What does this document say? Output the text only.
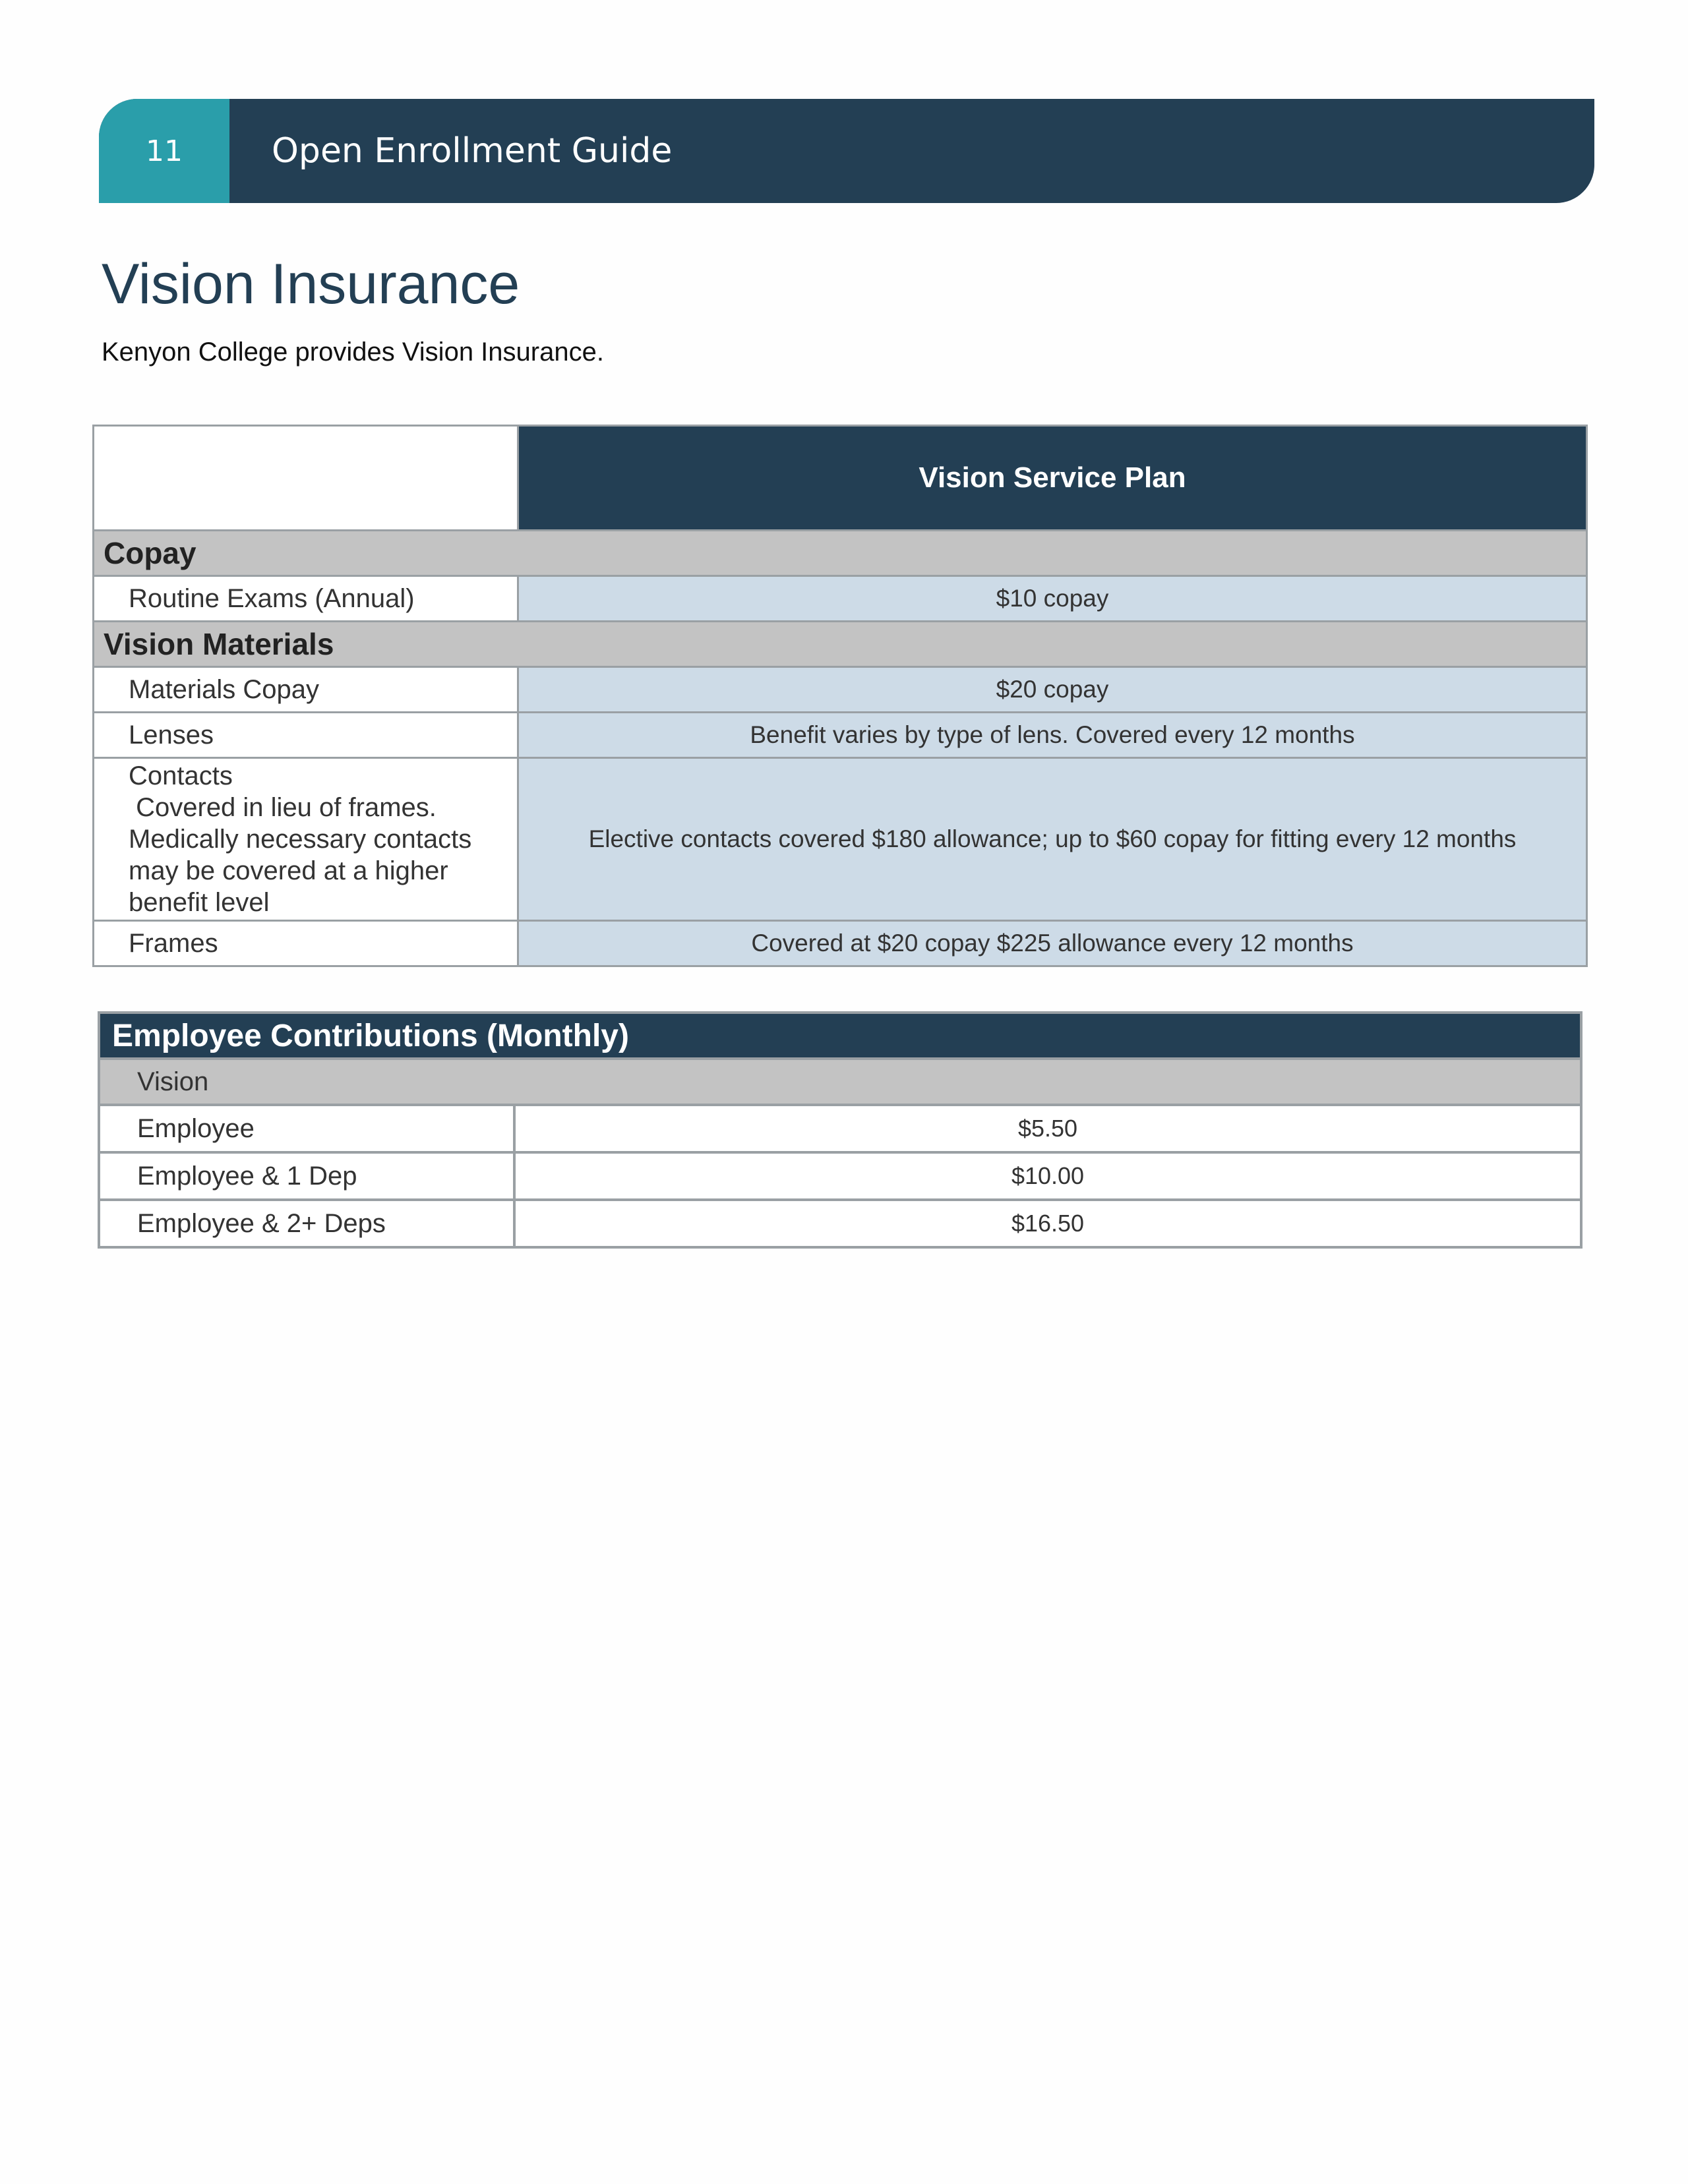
11	Open Enrollment Guide
Vision Insurance
Kenyon College provides Vision Insurance.
	Vision Service Plan
Copay	
Routine Exams (Annual)	$10 copay
Vision Materials	
Materials Copay	$20 copay
Lenses	Benefit varies by type of lens. Covered every 12 months

Contacts
Covered in lieu of frames.
Medically necessary contacts
may be covered at a higher
benefit level	Elective contacts covered $180 allowance; up to $60 copay for fitting every 12 months
Frames	Covered at $20 copay $225 allowance every 12 months
Employee Contributions (Monthly)	
Vision	
Employee	$5.50
Employee & 1 Dep	$10.00
Employee & 2+ Deps	$16.50
